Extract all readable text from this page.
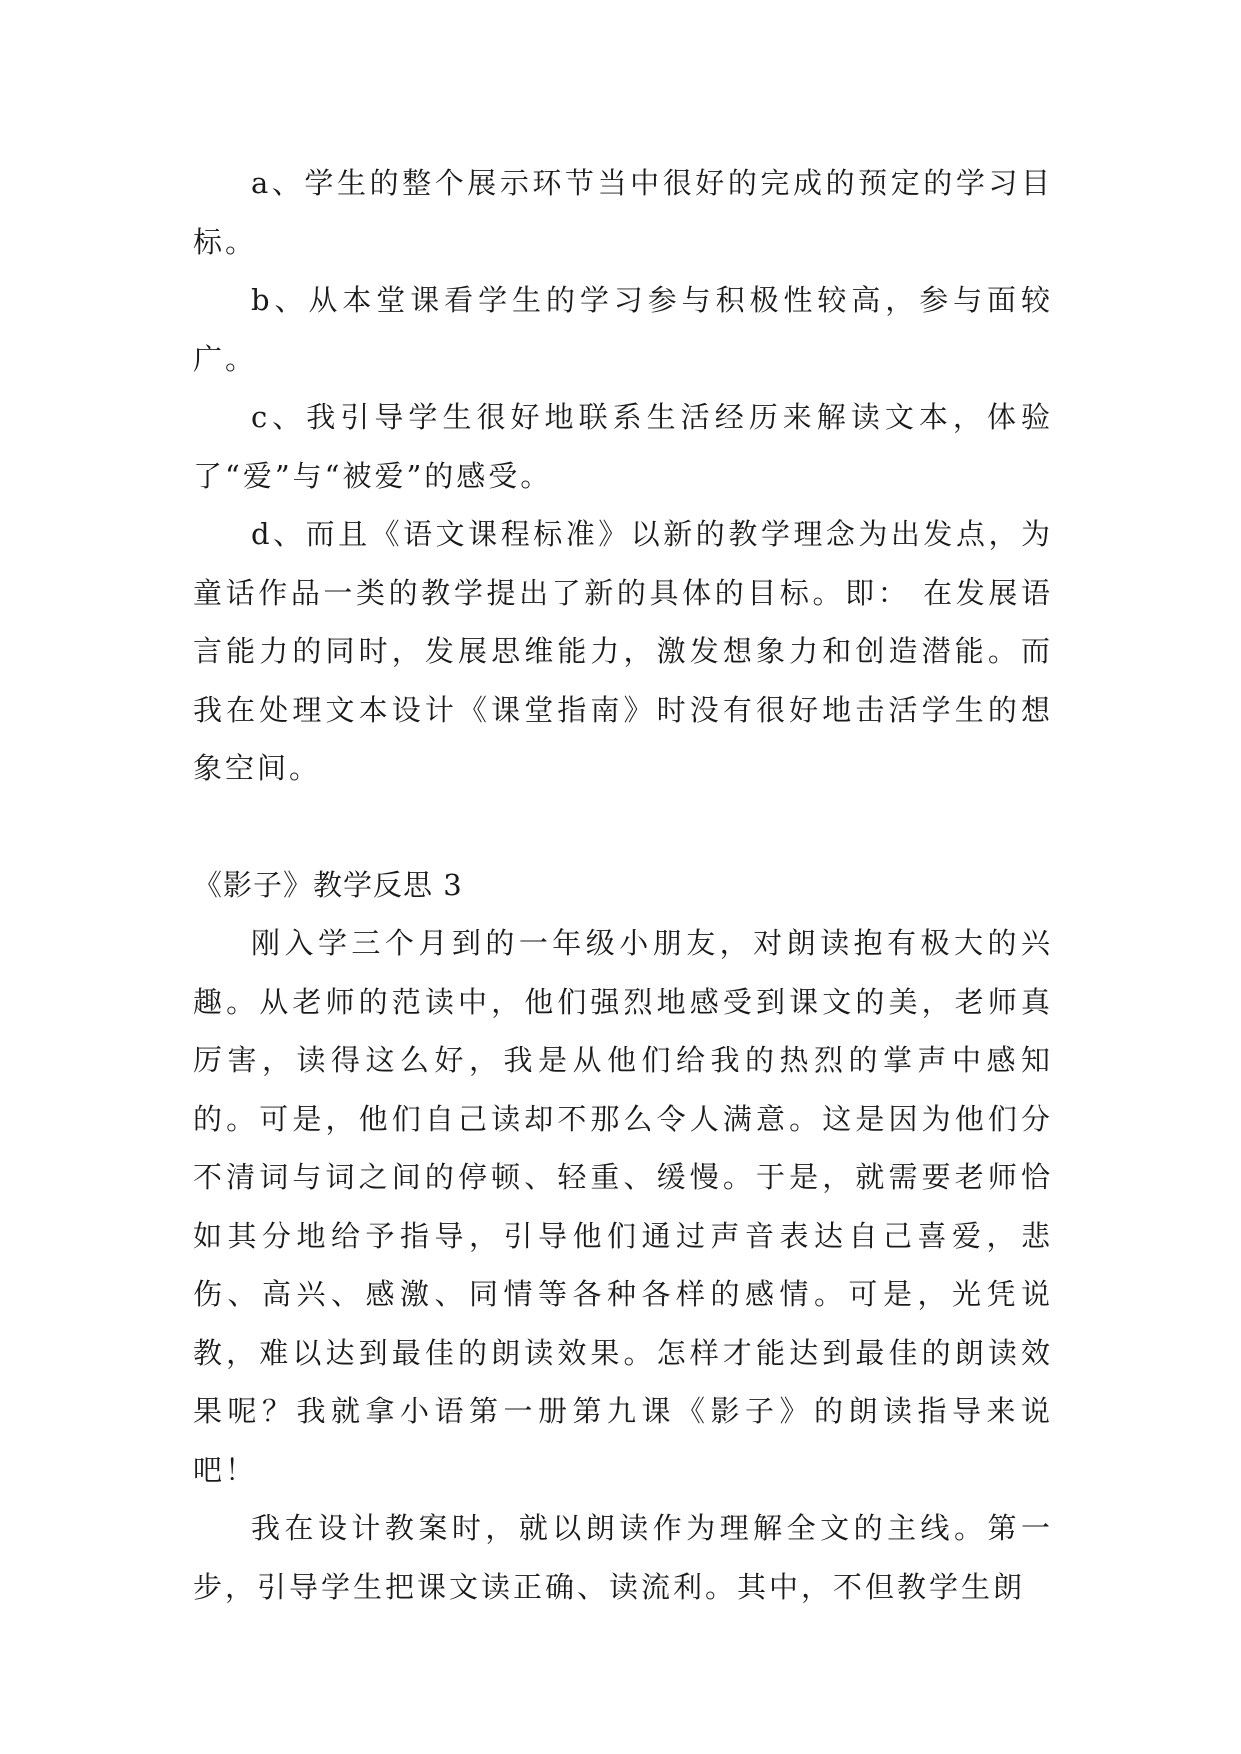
a、学生的整个展示环节当中很好的完成的预定的学习目标。

b、从本堂课看学生的学习参与积极性较高，参与面较广。

c、我引导学生很好地联系生活经历来解读文本，体验了“爱”与“被爱”的感受。

d、而且《语文课程标准》以新的教学理念为出发点，为童话作品一类的教学提出了新的具体的目标。即： 在发展语言能力的同时，发展思维能力，激发想象力和创造潜能。而我在处理文本设计《课堂指南》时没有很好地击活学生的想象空间。

《影子》教学反思 3

刚入学三个月到的一年级小朋友，对朗读抱有极大的兴趣。从老师的范读中，他们强烈地感受到课文的美，老师真厉害，读得这么好，我是从他们给我的热烈的掌声中感知的。可是，他们自己读却不那么令人满意。这是因为他们分不清词与词之间的停顿、轻重、缓慢。于是，就需要老师恰如其分地给予指导，引导他们通过声音表达自己喜爱，悲伤、高兴、感激、同情等各种各样的感情。可是，光凭说教，难以达到最佳的朗读效果。怎样才能达到最佳的朗读效果呢？我就拿小语第一册第九课《影子》的朗读指导来说吧！

我在设计教案时，就以朗读作为理解全文的主线。第一步，引导学生把课文读正确、读流利。其中，不但教学生朗
